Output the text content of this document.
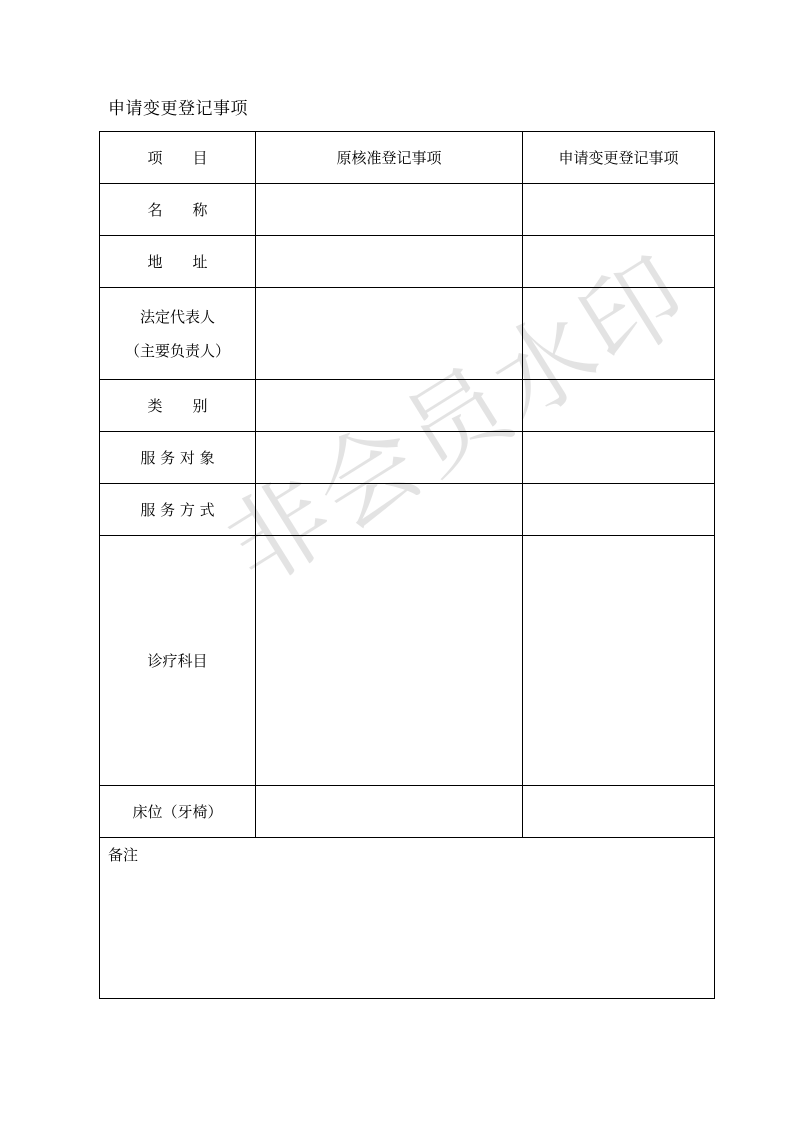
申请变更登记事项
项　　目	原核准登记事项	申请变更登记事项
名　　称		
地　　址		

法定代表人
（主要负责人）		

类　　别		
服 务 对 象		
服 务 方 式		
诊疗科目		
床位（牙椅）		

备注		
非会员水印
